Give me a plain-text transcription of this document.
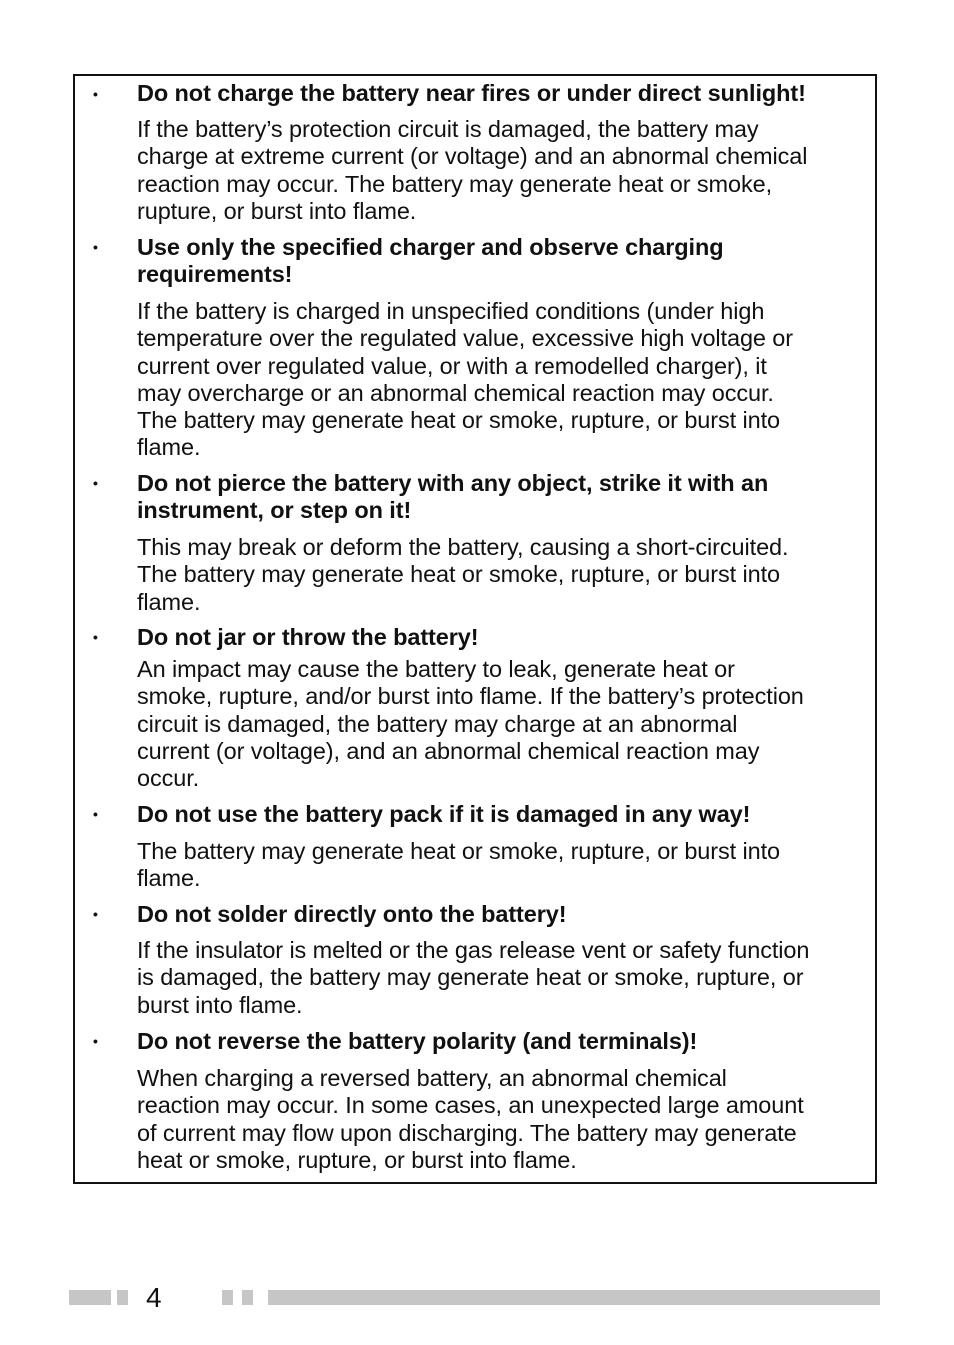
• Do not charge the battery near fires or under direct sunlight!
If the battery’s protection circuit is damaged, the battery may
charge at extreme current (or voltage) and an abnormal chemical
reaction may occur. The battery may generate heat or smoke,
rupture, or burst into flame.
• Use only the specified charger and observe charging requirements!
If the battery is charged in unspecified conditions (under high
temperature over the regulated value, excessive high voltage or
current over regulated value, or with a remodelled charger), it
may overcharge or an abnormal chemical reaction may occur.
The battery may generate heat or smoke, rupture, or burst into
flame.
• Do not pierce the battery with any object, strike it with an instrument, or step on it!
This may break or deform the battery, causing a short-circuited.
The battery may generate heat or smoke, rupture, or burst into
flame.
• Do not jar or throw the battery!
An impact may cause the battery to leak, generate heat or
smoke, rupture, and/or burst into flame. If the battery’s protection
circuit is damaged, the battery may charge at an abnormal
current (or voltage), and an abnormal chemical reaction may
occur.
• Do not use the battery pack if it is damaged in any way!
The battery may generate heat or smoke, rupture, or burst into
flame.
• Do not solder directly onto the battery!
If the insulator is melted or the gas release vent or safety function
is damaged, the battery may generate heat or smoke, rupture, or
burst into flame.
• Do not reverse the battery polarity (and terminals)!
When charging a reversed battery, an abnormal chemical
reaction may occur. In some cases, an unexpected large amount
of current may flow upon discharging. The battery may generate
heat or smoke, rupture, or burst into flame.
4
